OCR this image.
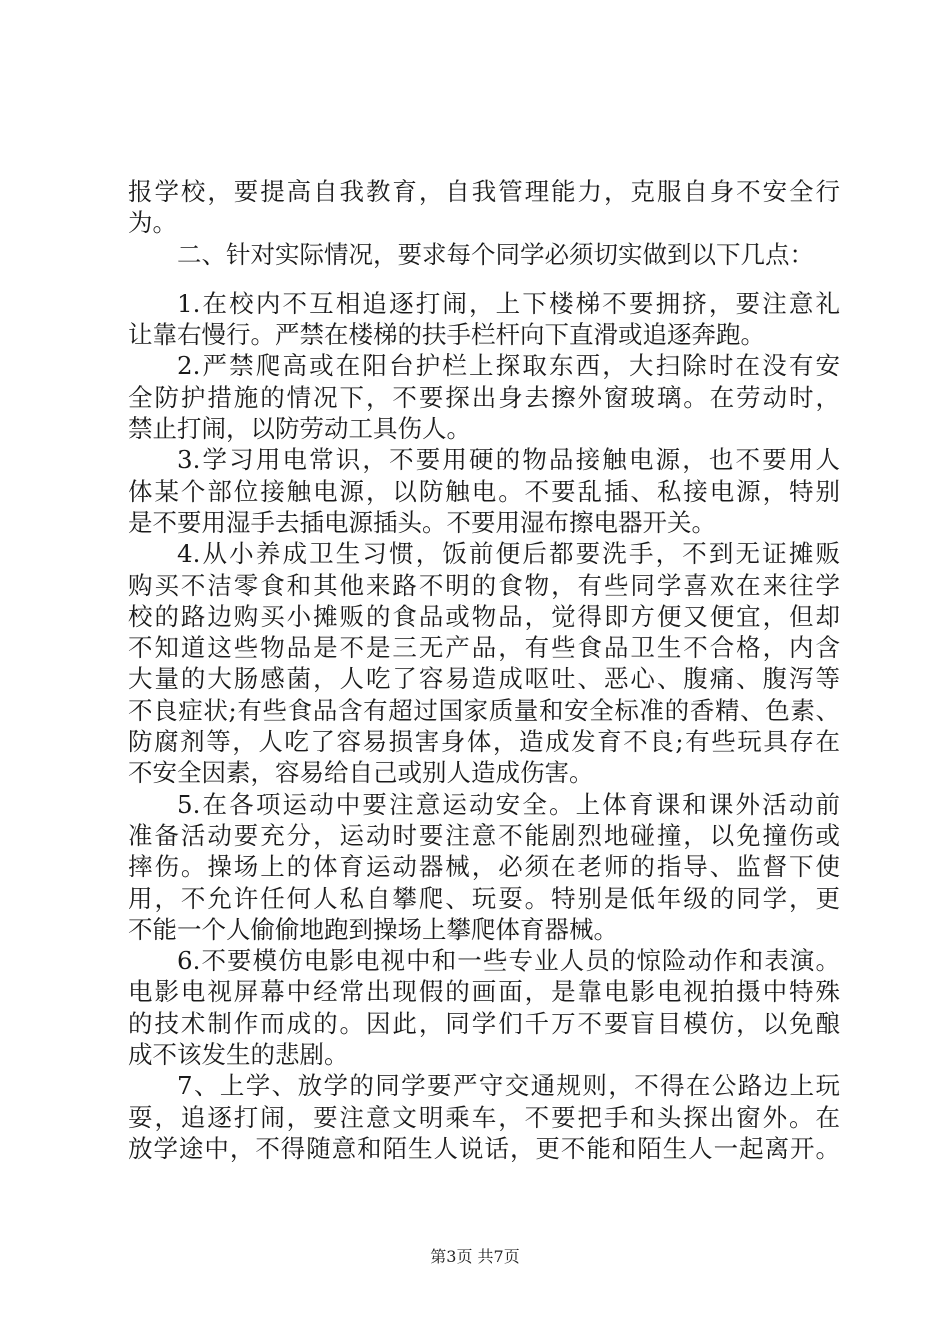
报学校，要提高自我教育，自我管理能力，克服自身不安全行
为。
二、针对实际情况，要求每个同学必须切实做到以下几点：
1.在校内不互相追逐打闹，上下楼梯不要拥挤，要注意礼
让靠右慢行。严禁在楼梯的扶手栏杆向下直滑或追逐奔跑。
2.严禁爬高或在阳台护栏上探取东西，大扫除时在没有安
全防护措施的情况下，不要探出身去擦外窗玻璃。在劳动时，
禁止打闹，以防劳动工具伤人。
3.学习用电常识，不要用硬的物品接触电源，也不要用人
体某个部位接触电源，以防触电。不要乱插、私接电源，特别
是不要用湿手去插电源插头。不要用湿布擦电器开关。
4.从小养成卫生习惯，饭前便后都要洗手，不到无证摊贩
购买不洁零食和其他来路不明的食物，有些同学喜欢在来往学
校的路边购买小摊贩的食品或物品，觉得即方便又便宜，但却
不知道这些物品是不是三无产品，有些食品卫生不合格，内含
大量的大肠感菌，人吃了容易造成呕吐、恶心、腹痛、腹泻等
不良症状;有些食品含有超过国家质量和安全标准的香精、色素、
防腐剂等，人吃了容易损害身体，造成发育不良;有些玩具存在
不安全因素，容易给自己或别人造成伤害。
5.在各项运动中要注意运动安全。上体育课和课外活动前
准备活动要充分，运动时要注意不能剧烈地碰撞，以免撞伤或
摔伤。操场上的体育运动器械，必须在老师的指导、监督下使
用，不允许任何人私自攀爬、玩耍。特别是低年级的同学，更
不能一个人偷偷地跑到操场上攀爬体育器械。
6.不要模仿电影电视中和一些专业人员的惊险动作和表演。
电影电视屏幕中经常出现假的画面，是靠电影电视拍摄中特殊
的技术制作而成的。因此，同学们千万不要盲目模仿，以免酿
成不该发生的悲剧。
7、上学、放学的同学要严守交通规则，不得在公路边上玩
耍，追逐打闹，要注意文明乘车，不要把手和头探出窗外。在
放学途中，不得随意和陌生人说话，更不能和陌生人一起离开。
第3页 共7页
